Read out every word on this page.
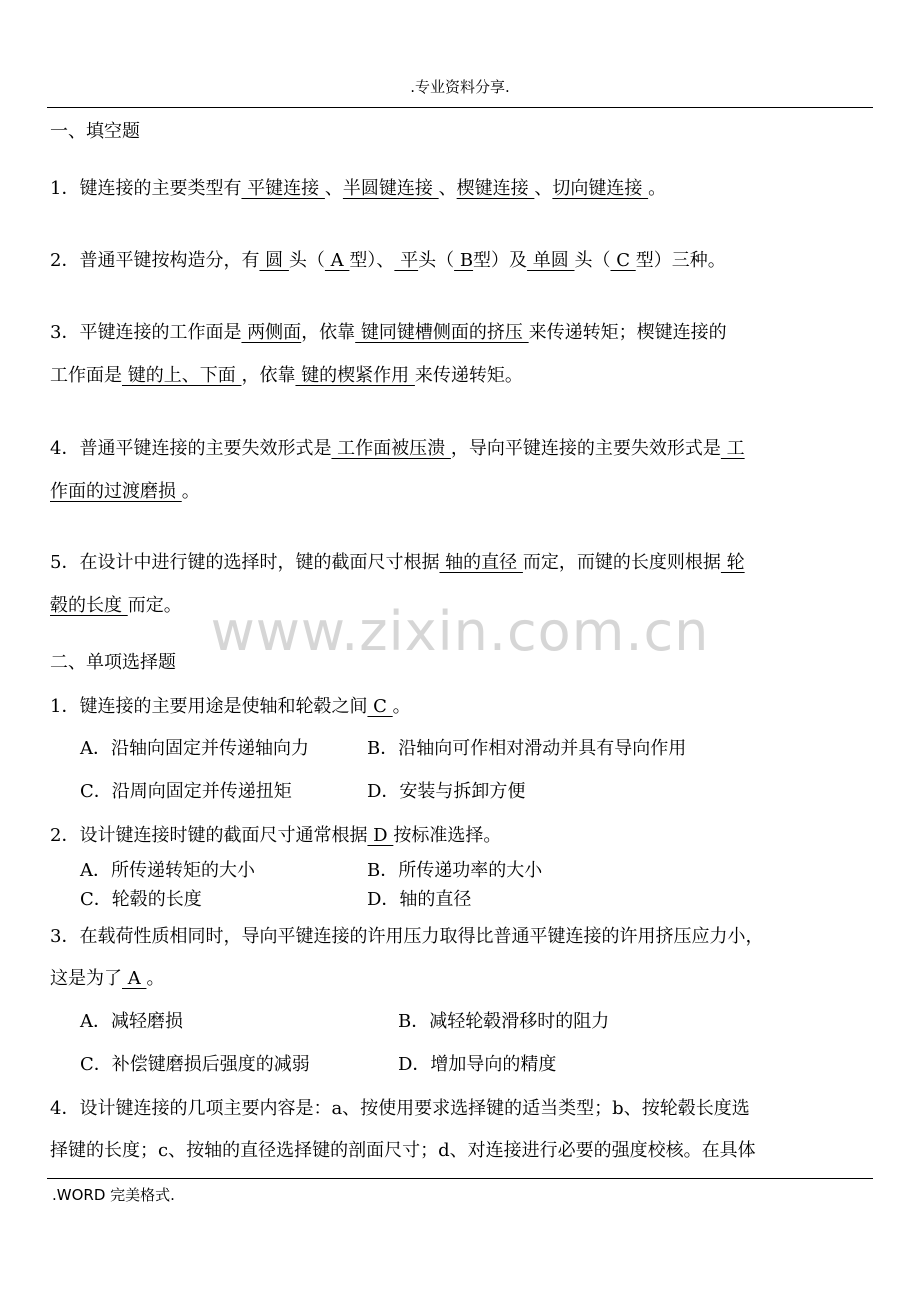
.专业资料分享.
www.zixin.com.cn
一、填空题
1．键连接的主要类型有 平键连接 、半圆键连接 、楔键连接 、切向键连接 。
2．普通平键按构造分，有 圆 头（ A 型）、 平头（ B型）及 单圆 头（ C 型）三种。
3．平键连接的工作面是 两侧面，依靠 键同键槽侧面的挤压 来传递转矩；楔键连接的
工作面是 键的上、下面 ，依靠 键的楔紧作用 来传递转矩。
4．普通平键连接的主要失效形式是 工作面被压溃 ，导向平键连接的主要失效形式是 工
作面的过渡磨损 。
5．在设计中进行键的选择时，键的截面尺寸根据 轴的直径 而定，而键的长度则根据 轮
毂的长度 而定。
二、单项选择题
1．键连接的主要用途是使轴和轮毂之间 C 。
A．沿轴向固定并传递轴向力	B．沿轴向可作相对滑动并具有导向作用
C．沿周向固定并传递扭矩	D．安装与拆卸方便
2．设计键连接时键的截面尺寸通常根据 D 按标准选择。
A．所传递转矩的大小	B．所传递功率的大小
C．轮毂的长度	D．轴的直径
3．在载荷性质相同时，导向平键连接的许用压力取得比普通平键连接的许用挤压应力小，
这是为了 A 。
A．减轻磨损	B．减轻轮毂滑移时的阻力
C．补偿键磨损后强度的减弱	D．增加导向的精度
4．设计键连接的几项主要内容是：a、按使用要求选择键的适当类型；b、按轮毂长度选
择键的长度；c、按轴的直径选择键的剖面尺寸；d、对连接进行必要的强度校核。在具体
.WORD 完美格式.
